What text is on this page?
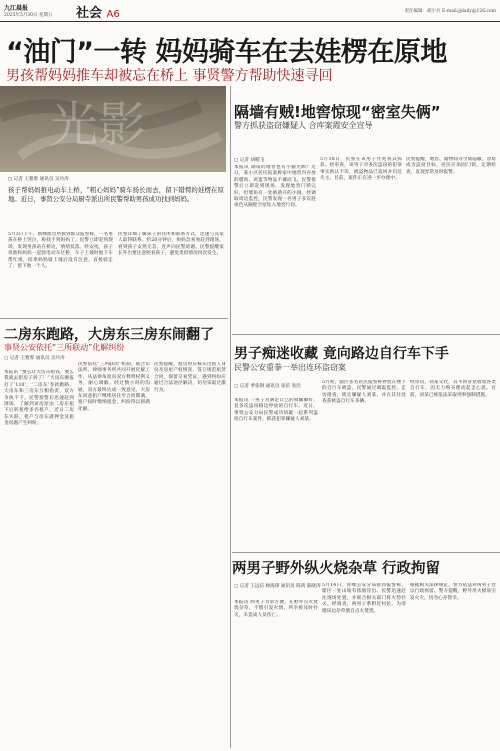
九江晨报
2025年5月30日 星期五 社会 A6	责任编辑：胡小兵 E-mail:jjdaily@126.com
“油门”一转 妈妈骑车在去娃楞在原地
男孩帮妈妈推车却被忘在桥上 事贤警方帮助快速寻回
光影
▢ 记者 王雅蓉 通讯员 吴丹涛
孩子帮妈妈推电动车上桥，“粗心妈妈”骑车扬长而去，留下错愕的娃楞在原地。近日，事贤公安分局厨寺派出所民警帮助男孩成功找到妈妈。
5月3日下午，新峰派出所接到群众报警称，一名男孩在桥上哭泣，称找不到妈妈了。民警立即赶到现场，发现男孩站在桥边，情绪低落。经安抚，孩子说他和妈妈一起骑电动车过桥，车子上坡时他下车帮忙推，结果妈妈骑上坡后没有注意，直接骑走了，留下他一个人。
民警详细了解孩子的住所和联系方式，迅速与其家人取得联系。约20分钟后，妈妈急匆匆赶到现场，看到孩子安然无恙，连声向民警道谢。民警提醒家长外出要注意照看孩子，避免类似情况再次发生。
隔墙有贼!地窖惊现“密室失俩”
警方抓获盗窃嫌疑人 合库案霞安全宣导
▢ 记者 胡帽飞
本报讯 湖南的地窖也有小偷光顾？近日，某小区居民报案称家中地窖内存放的腊肉、鸡蛋等物品不翼而飞。民警接警后立即赶到现场，发现地窖门锁完好，但墙角有一处被凿开的小洞。经调取周边监控，民警发现一名男子多次趁夜色从隔壁空屋钻入地窖行窃。
5月18日，民警在该男子住处将其抓获。经审查，该男子对多次盗窃的犯罪事实供认不讳，被盗物品已追回并归还失主。目前，案件正在进一步办理中。
民警提醒，地窖、储物间等空间隐蔽，容易成为盗窃目标，居民应加固门锁，定期检查，发现异常及时报警。
二房东跑路，大房东三房东闹翻了
事贤公安依托“三所联动”化解纠纷
▢ 记者 王雅蓉 通讯员 吴丹涛
本报讯 “要么让大房东赔钱，要么我就去把房子拆了！”大房东刚报打了‘110’，‘二房东’卷款跑路，大房东和三房东互相指责，双方争执不下。民警接警后迅速赶到现场，了解到该房屋由二房东租下后转租给多名租户，近日二房东失联，租户与房东就押金及租金问题产生纠纷。
民警依托“三所联动”机制，联合司法所、律师事务所共同开展化解工作，从法律角度向双方释明权利义务，耐心调解。经过数小时的沟通，双方最终达成一致意见，大房东同意租户继续居住至合同期满，租户按时缴纳租金，纠纷得以圆满化解。
民警提醒，租房时应核实出租人身份及房屋产权情况，签订规范租赁合同，保留交易凭证，遇到纠纷应通过合法途径解决，切勿采取过激行为。
男子痴迷收藏 竟向路边自行车下手
民警公安重拳一举出连环盗窃案
▢ 记者 季张钢 通讯员 张倍 张浩
本报讯 一男子为满足自己的收藏癖好，竟多次盗窃路边停放的自行车。近日，事贤公安分局民警成功侦破一起系列盗窃自行车案件，抓获犯罪嫌疑人刘某。
5月初，辖区多名居民报警称停放在楼下的自行车被盗。民警通过调取监控、走访排查，锁定嫌疑人刘某，并在其住处查获被盗自行车多辆。
经审讯，刘某交代，其平时喜欢收集各类自行车，因无力购买便动起歪心思。目前，刘某已被依法采取刑事强制措施。
两男子野外纵火烧杂草 行政拘留
▢ 记者 王远信 顾海锋 通讯员 陈鸿 陈晓涛
本报讯 两男子为求方便，在野外点火焚烧杂草，不慎引发火情，所幸被及时扑灭，未造成人员伤亡。
5月14日，青峰公安分局接到报警称，辖区一处山坡有浓烟冒出。民警迅速赶往现场处置，并联合相关部门将火势扑灭。经调查，两男子系附近村民，为清理田边杂草擅自点火焚烧。
根据相关法律规定，警方依法对两男子处以行政拘留。警方提醒，野外用火极易引发火灾，切勿心存侥幸。
